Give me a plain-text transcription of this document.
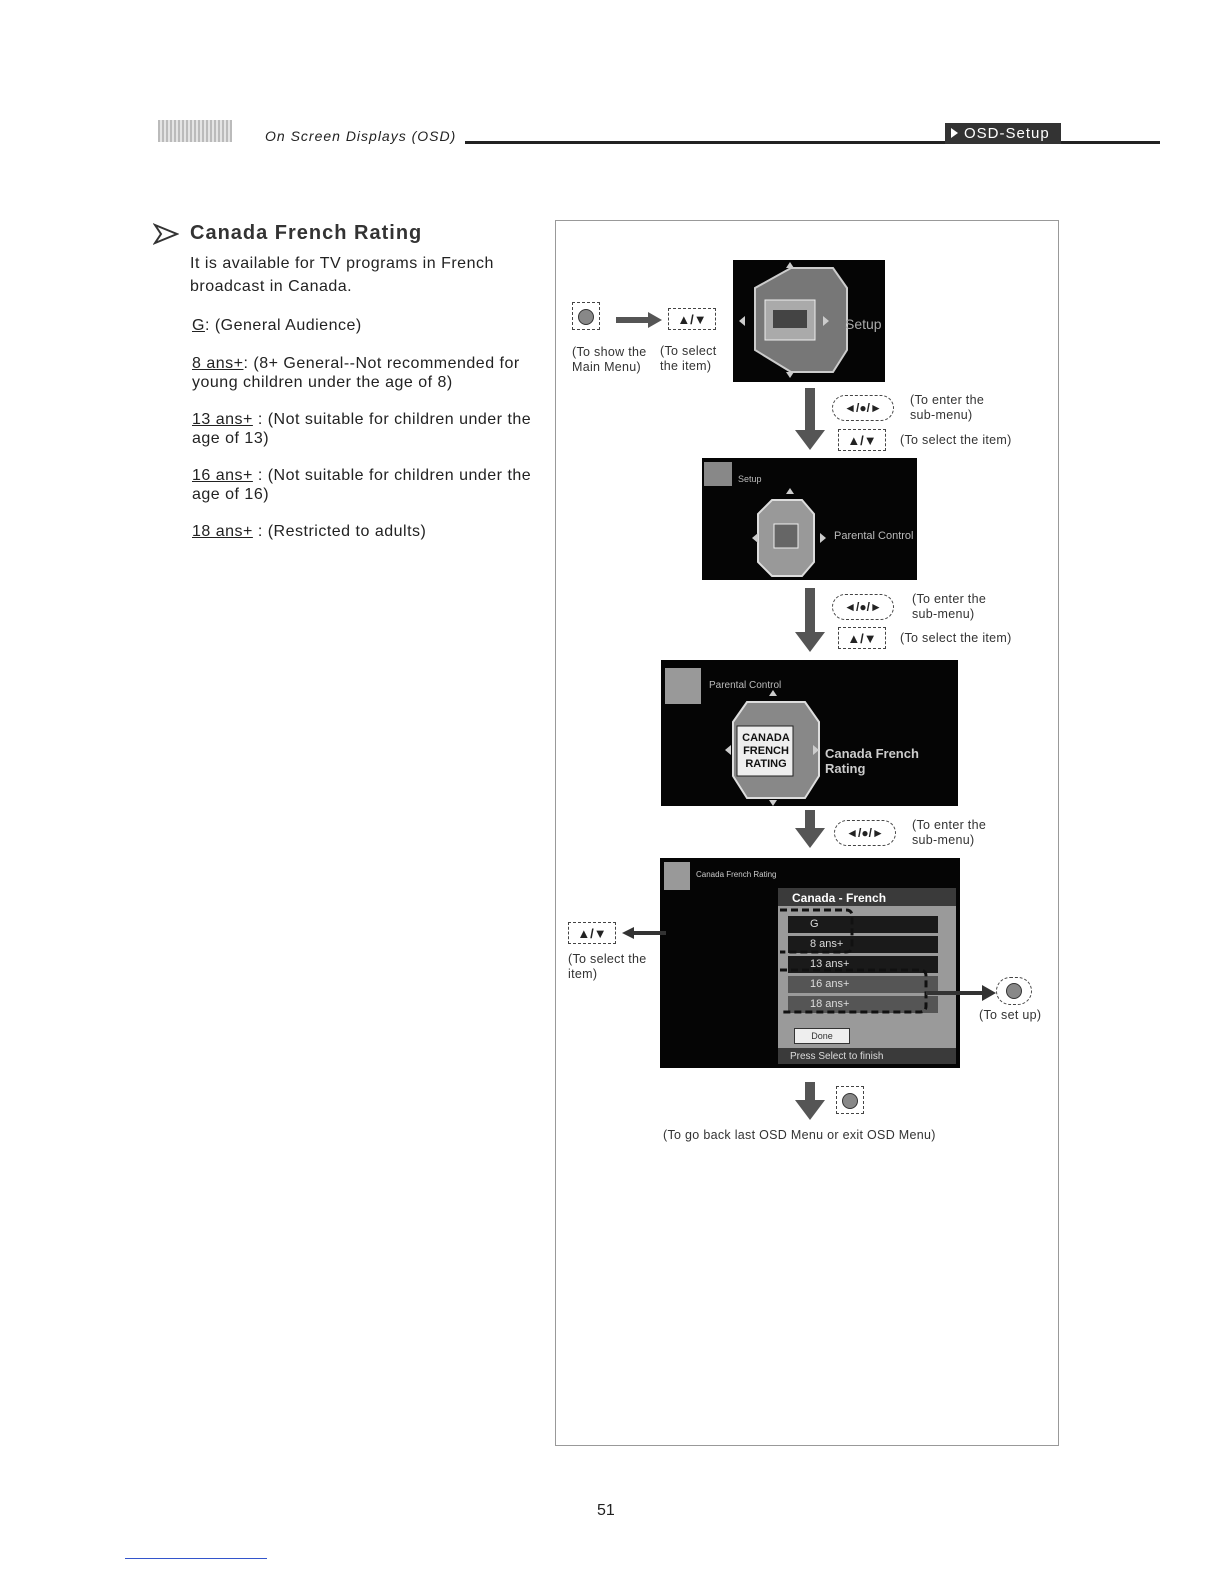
On Screen Displays (OSD)	OSD-Setup
Canada French Rating
It is available for TV programs in French broadcast in Canada.
G: (General Audience)
8 ans+: (8+ General--Not recommended for young children under the age of 8)
13 ans+ : (Not suitable for children under the age of 13)
16 ans+ : (Not suitable for children under the age of 16)
18 ans+ : (Restricted to adults)
▲/▼
(To show the Main Menu)
(To select the item)
Setup
◄/●/►
(To enter the sub-menu)
▲/▼	(To select the item)
Setup
Parental Control
◄/●/►
(To enter the sub-menu)
▲/▼	(To select the item)
Parental Control
CANADA
FRENCH
RATING
Canada French Rating
◄/●/►
(To enter the sub-menu)
Canada French Rating
Canada - French
G
8 ans+
13 ans+
16 ans+
18 ans+
Done
Press Select to finish
▲/▼
(To select the item)
(To set up)
(To go back last OSD Menu or exit OSD Menu)
51
